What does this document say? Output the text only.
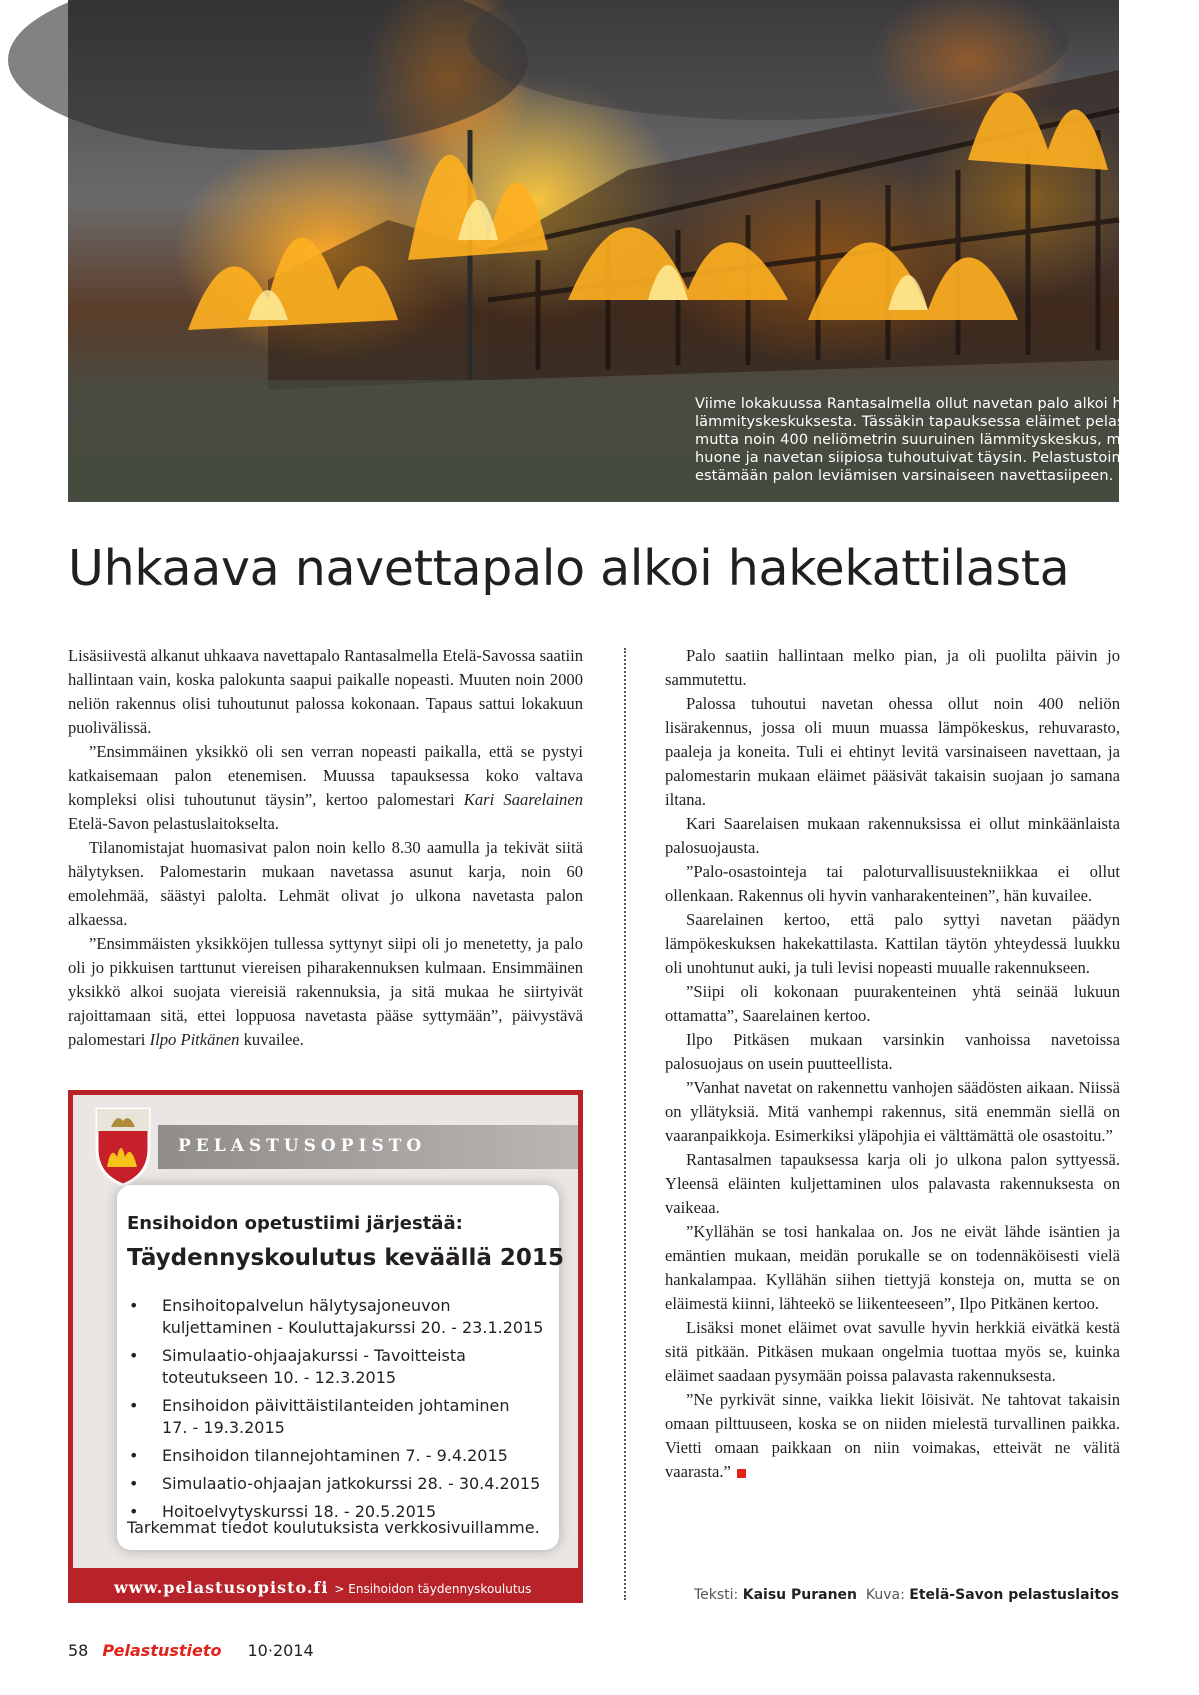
Viime lokakuussa Rantasalmella ollut navetan palo alkoi hake-
lämmityskeskuksesta. Tässäkin tapauksessa eläimet pelastuivat,
mutta noin 400 neliömetrin suuruinen lämmityskeskus, maito-
huone ja navetan siipiosa tuhoutuivat täysin. Pelastustoimi pystyi
estämään palon leviämisen varsinaiseen navettasiipeen.
Uhkaava navettapalo alkoi hakekattilasta

Lisäsiivestä alkanut uhkaava navettapalo Rantasalmella Etelä-Savossa saatiin hallintaan vain, koska palokunta saapui paikalle nopeasti. Muuten noin 2000 neliön rakennus olisi tuhoutunut palossa kokonaan. Tapaus sattui lokakuun puolivälissä.

”Ensimmäinen yksikkö oli sen verran nopeasti paikalla, että se pystyi katkaisemaan palon etenemisen. Muussa tapauksessa koko valtava kompleksi olisi tuhoutunut täysin”, kertoo palomestari Kari Saarelainen Etelä-Savon pelastuslaitokselta.

Tilanomistajat huomasivat palon noin kello 8.30 aamulla ja tekivät siitä hälytyksen. Palomestarin mukaan navetassa asunut karja, noin 60 emolehmää, säästyi palolta. Lehmät olivat jo ulkona navetasta palon alkaessa.

”Ensimmäisten yksikköjen tullessa syttynyt siipi oli jo menetetty, ja palo oli jo pikkuisen tarttunut viereisen piharakennuksen kulmaan. Ensimmäinen yksikkö alkoi suojata viereisiä rakennuksia, ja sitä mukaa he siirtyivät rajoittamaan sitä, ettei loppuosa navetasta pääse syttymään”, päivystävä palomestari Ilpo Pitkänen kuvailee.

Palo saatiin hallintaan melko pian, ja oli puolilta päivin jo sammutettu.

Palossa tuhoutui navetan ohessa ollut noin 400 neliön lisärakennus, jossa oli muun muassa lämpökeskus, rehuvarasto, paaleja ja koneita. Tuli ei ehtinyt levitä varsinaiseen navettaan, ja palomestarin mukaan eläimet pääsivät takaisin suojaan jo samana iltana.

Kari Saarelaisen mukaan rakennuksissa ei ollut minkäänlaista palosuojausta.

”Palo-osastointeja tai paloturvallisuustekniikkaa ei ollut ollenkaan. Rakennus oli hyvin vanharakenteinen”, hän kuvailee.

Saarelainen kertoo, että palo syttyi navetan päädyn lämpökeskuksen hakekattilasta. Kattilan täytön yhteydessä luukku oli unohtunut auki, ja tuli levisi nopeasti muualle rakennukseen.

”Siipi oli kokonaan puurakenteinen yhtä seinää lukuun ottamatta”, Saarelainen kertoo.

Ilpo Pitkäsen mukaan varsinkin vanhoissa navetoissa palosuojaus on usein puutteellista.

”Vanhat navetat on rakennettu vanhojen säädösten aikaan. Niissä on yllätyksiä. Mitä vanhempi rakennus, sitä enemmän siellä on vaaranpaikkoja. Esimerkiksi yläpohjia ei välttämättä ole osastoitu.”

Rantasalmen tapauksessa karja oli jo ulkona palon syttyessä. Yleensä eläinten kuljettaminen ulos palavasta rakennuksesta on vaikeaa.

”Kyllähän se tosi hankalaa on. Jos ne eivät lähde isäntien ja emäntien mukaan, meidän porukalle se on todennäköisesti vielä hankalampaa. Kyllähän siihen tiettyjä konsteja on, mutta se on eläimestä kiinni, lähteekö se liikenteeseen”, Ilpo Pitkänen kertoo.

Lisäksi monet eläimet ovat savulle hyvin herkkiä eivätkä kestä sitä pitkään. Pitkäsen mukaan ongelmia tuottaa myös se, kuinka eläimet saadaan pysymään poissa palavasta rakennuksesta.

”Ne pyrkivät sinne, vaikka liekit löisivät. Ne tahtovat takaisin omaan pilttuuseen, koska se on niiden mielestä turvallinen paikka. Vietti omaan paikkaan on niin voimakas, etteivät ne välitä vaarasta.”

Teksti: Kaisu Puranen Kuva: Etelä-Savon pelastuslaitos
PELASTUSOPISTO
Ensihoidon opetustiimi järjestää:
Täydennyskoulutus keväällä 2015
• Ensihoitopalvelun hälytysajoneuvon
kuljettaminen - Kouluttajakurssi 20. - 23.1.2015
• Simulaatio-ohjaajakurssi - Tavoitteista
toteutukseen 10. - 12.3.2015
• Ensihoidon päivittäistilanteiden johtaminen
17. - 19.3.2015
• Ensihoidon tilannejohtaminen 7. - 9.4.2015
• Simulaatio-ohjaajan jatkokurssi 28. - 30.4.2015
• Hoitoelvytyskurssi 18. - 20.5.2015
Tarkemmat tiedot koulutuksista verkkosivuillamme.
www.pelastusopisto.fi > Ensihoidon täydennyskoulutus
58 Pelastustieto 10·2014
